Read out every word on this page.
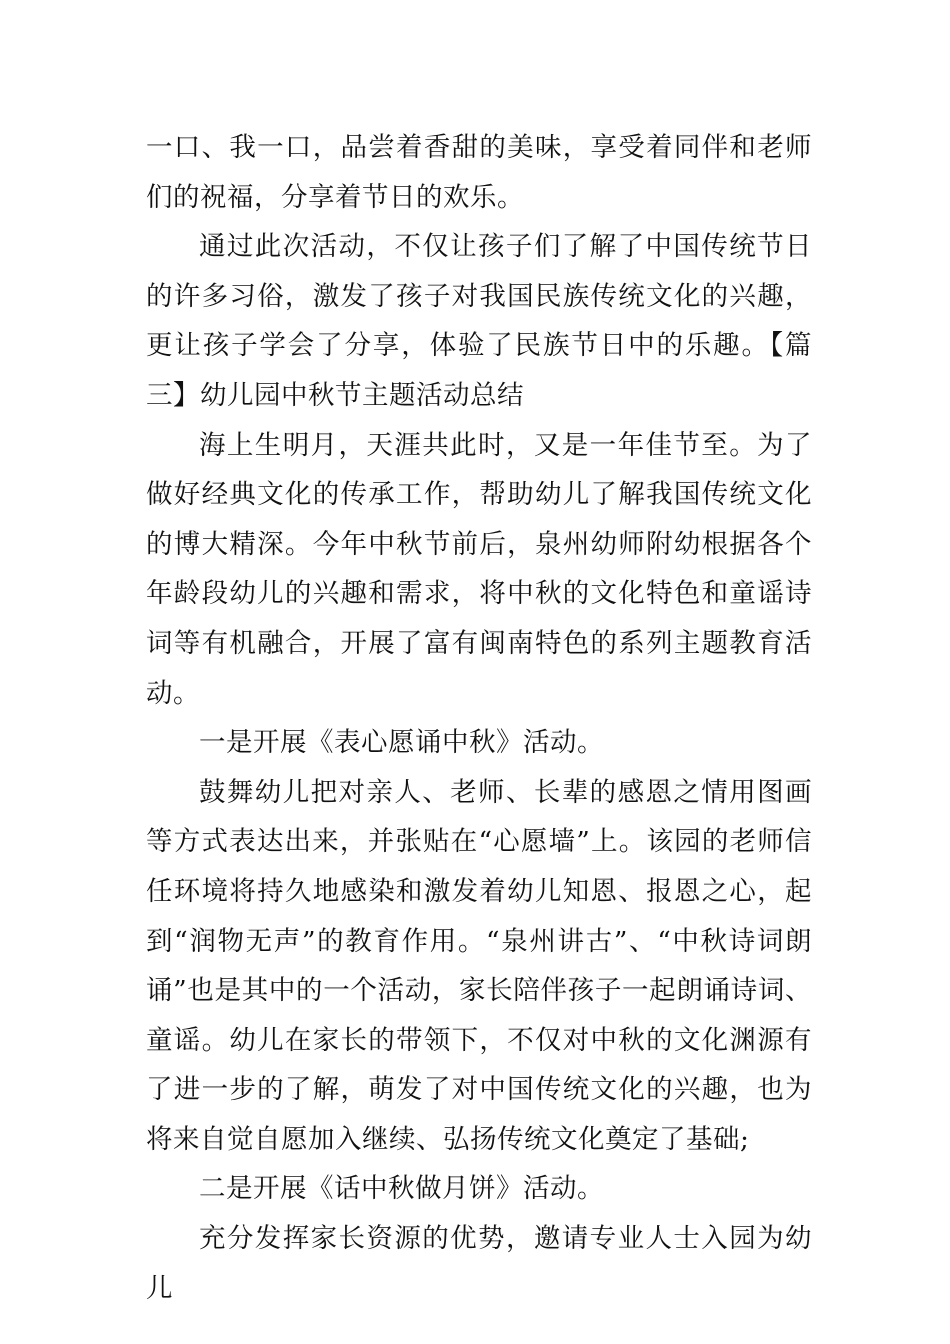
一口、我一口，品尝着香甜的美味，享受着同伴和老师们的祝福，分享着节日的欢乐。

通过此次活动，不仅让孩子们了解了中国传统节日的许多习俗，激发了孩子对我国民族传统文化的兴趣，更让孩子学会了分享，体验了民族节日中的乐趣。【篇三】幼儿园中秋节主题活动总结

海上生明月，天涯共此时，又是一年佳节至。为了做好经典文化的传承工作，帮助幼儿了解我国传统文化的博大精深。今年中秋节前后，泉州幼师附幼根据各个年龄段幼儿的兴趣和需求，将中秋的文化特色和童谣诗词等有机融合，开展了富有闽南特色的系列主题教育活动。

一是开展《表心愿诵中秋》活动。

鼓舞幼儿把对亲人、老师、长辈的感恩之情用图画等方式表达出来，并张贴在“心愿墙”上。该园的老师信任环境将持久地感染和激发着幼儿知恩、报恩之心，起到“润物无声”的教育作用。“泉州讲古”、“中秋诗词朗诵”也是其中的一个活动，家长陪伴孩子一起朗诵诗词、童谣。幼儿在家长的带领下，不仅对中秋的文化渊源有了进一步的了解，萌发了对中国传统文化的兴趣，也为将来自觉自愿加入继续、弘扬传统文化奠定了基础;

二是开展《话中秋做月饼》活动。

充分发挥家长资源的优势，邀请专业人士入园为幼儿
